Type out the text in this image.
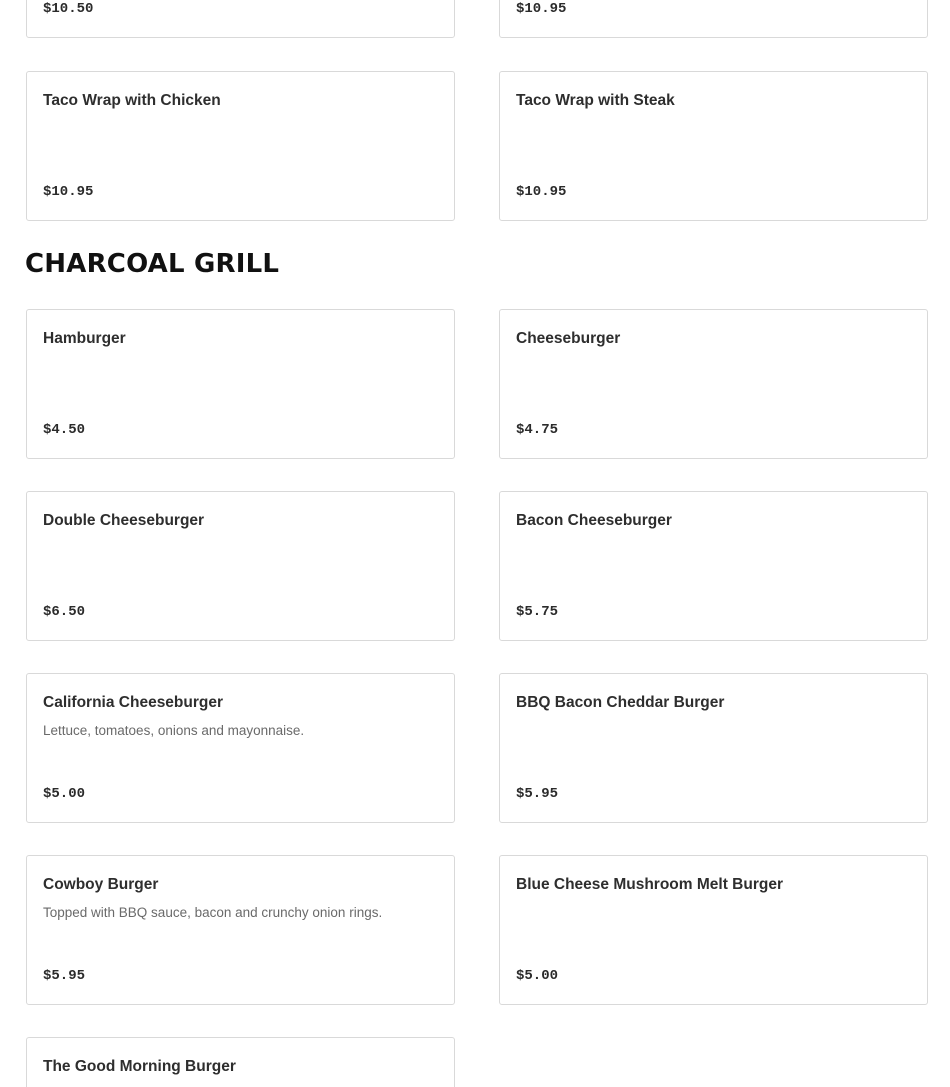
$10.50	$10.95
Taco Wrap with Chicken
$10.95
Taco Wrap with Steak
$10.95
CHARCOAL GRILL
Hamburger
$4.50
Cheeseburger
$4.75
Double Cheeseburger
$6.50
Bacon Cheeseburger
$5.75
California Cheeseburger
Lettuce, tomatoes, onions and mayonnaise.
$5.00
BBQ Bacon Cheddar Burger
$5.95
Cowboy Burger
Topped with BBQ sauce, bacon and crunchy onion rings.
$5.95
Blue Cheese Mushroom Melt Burger
$5.00
The Good Morning Burger
